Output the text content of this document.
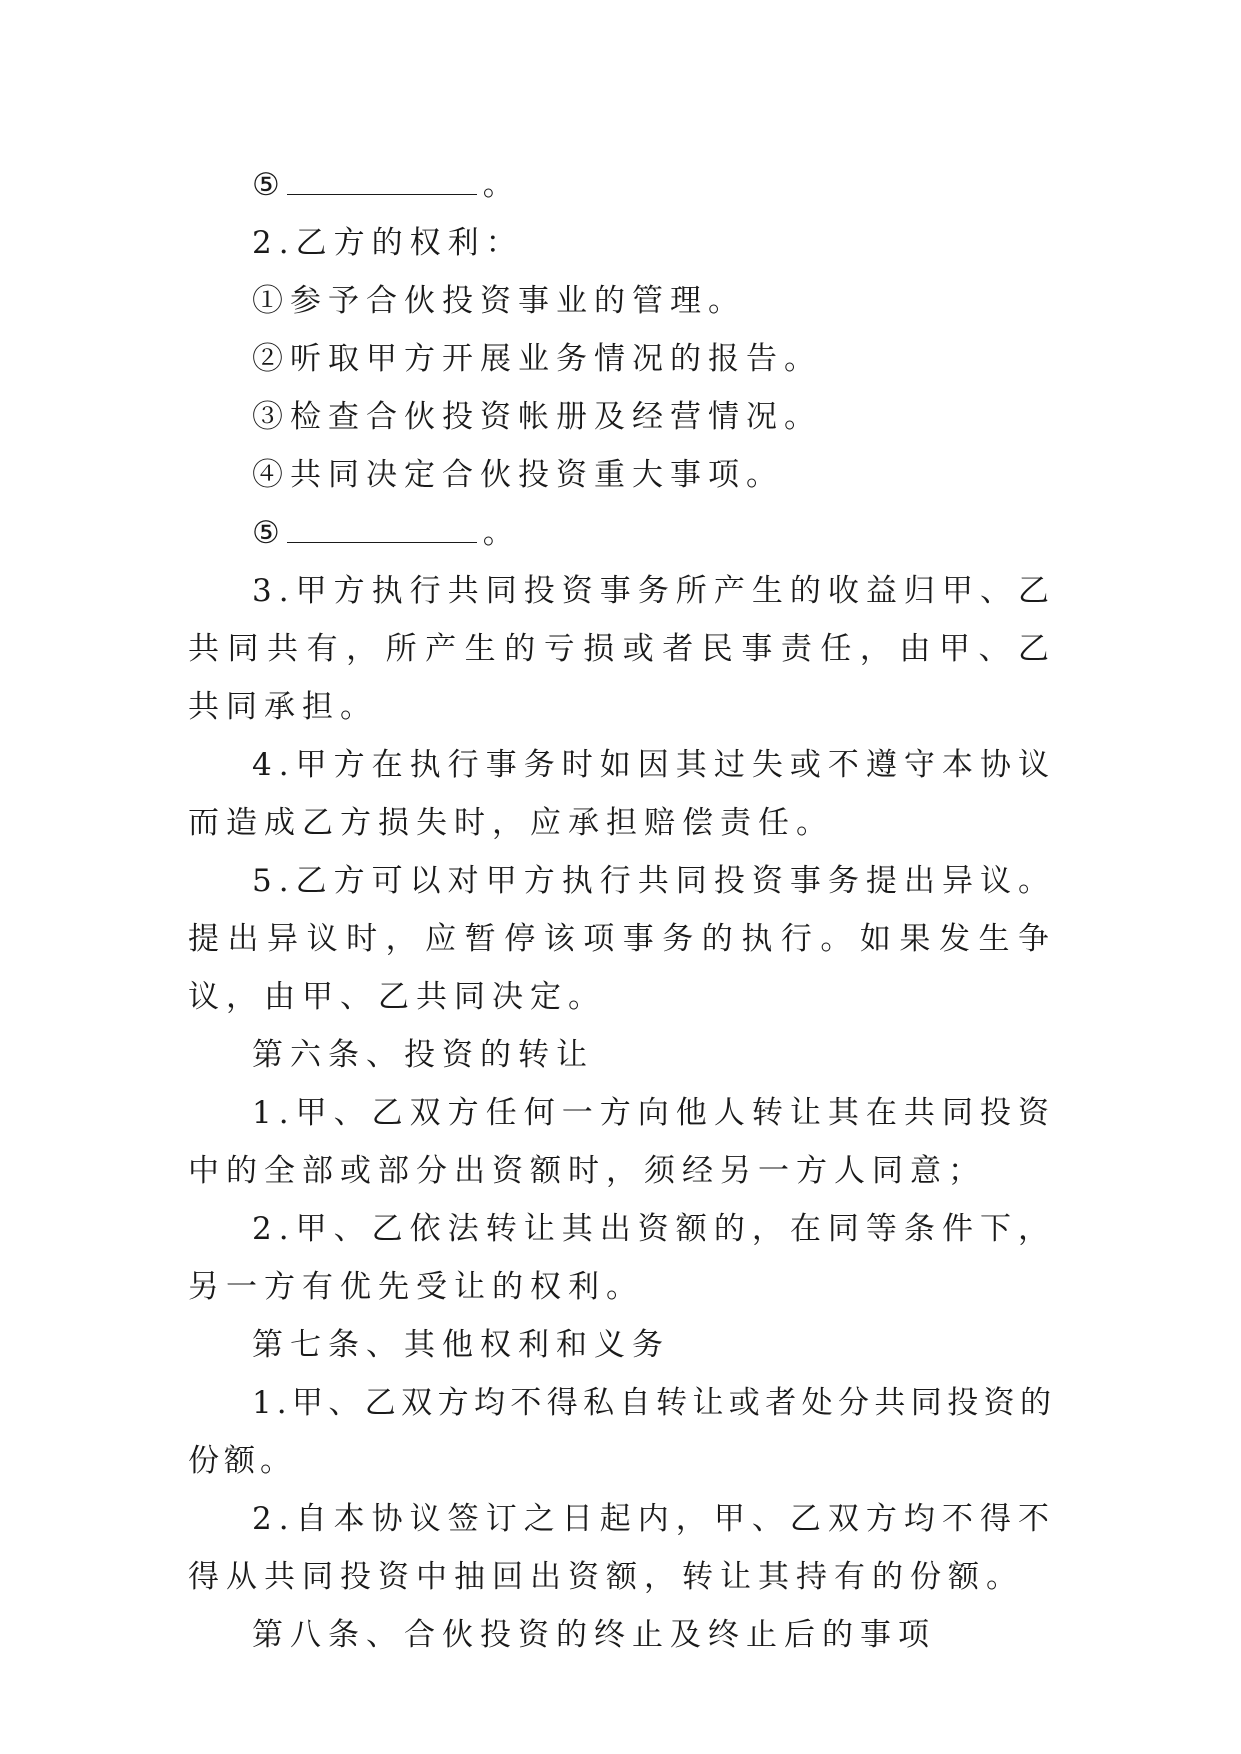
⑤	。

2.乙方的权利：

①参予合伙投资事业的管理。

②听取甲方开展业务情况的报告。

③检查合伙投资帐册及经营情况。

④共同决定合伙投资重大事项。

⑤	。

3.甲方执行共同投资事务所产生的收益归甲、乙共同共有，所产生的亏损或者民事责任，由甲、乙共同承担。

4.甲方在执行事务时如因其过失或不遵守本协议而造成乙方损失时，应承担赔偿责任。

5.乙方可以对甲方执行共同投资事务提出异议。提出异议时，应暂停该项事务的执行。如果发生争议，由甲、乙共同决定。

第六条、投资的转让

1.甲、乙双方任何一方向他人转让其在共同投资中的全部或部分出资额时，须经另一方人同意；

2.甲、乙依法转让其出资额的，在同等条件下，另一方有优先受让的权利。

第七条、其他权利和义务

1.甲、乙双方均不得私自转让或者处分共同投资的份额。

2.自本协议签订之日起内，甲、乙双方均不得不得从共同投资中抽回出资额，转让其持有的份额。

第八条、合伙投资的终止及终止后的事项
